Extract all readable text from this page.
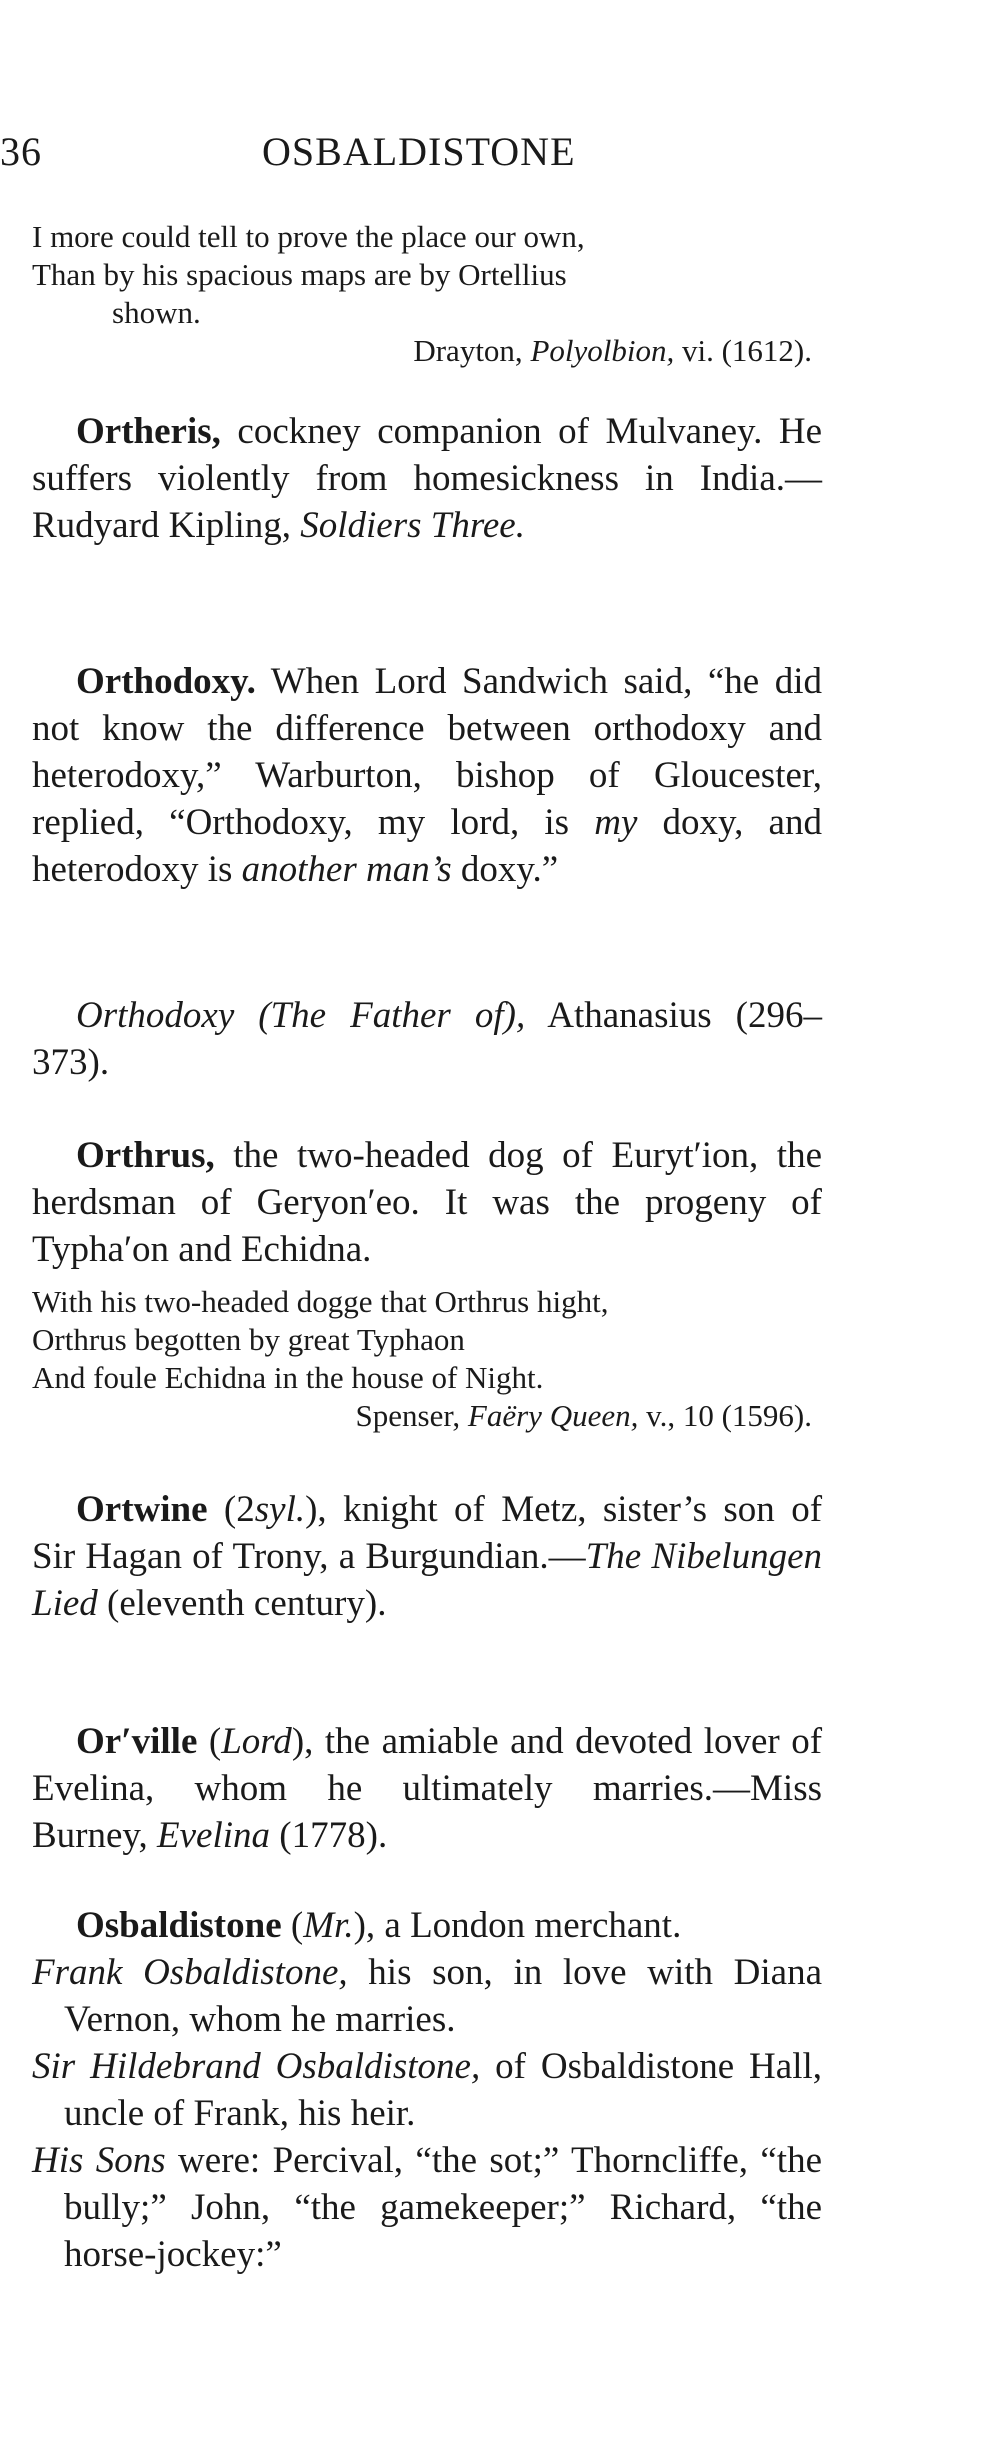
36	OSBALDISTONE
I more could tell to prove the place our own,
Than by his spacious maps are by Ortellius
shown.
Drayton, Polyolbion, vi. (1612).

Ortheris, cockney companion of Mulvaney. He suffers violently from homesickness in India.—Rudyard Kipling, Soldiers Three.

Orthodoxy. When Lord Sandwich said, “he did not know the difference between orthodoxy and heterodoxy,” Warburton, bishop of Gloucester, replied, “Orthodoxy, my lord, is my doxy, and heterodoxy is another man’s doxy.”

Orthodoxy (The Father of), Athanasius (296–373).

Orthrus, the two-headed dog of Euryt′ion, the herdsman of Geryon′eo. It was the progeny of Typha′on and Echidna.

With his two-headed dogge that Orthrus hight,
Orthrus begotten by great Typhaon
And foule Echidna in the house of Night.
Spenser, Faëry Queen, v., 10 (1596).

Ortwine (2syl.), knight of Metz, sister’s son of Sir Hagan of Trony, a Burgundian.—The Nibelungen Lied (eleventh century).

Or′ville (Lord), the amiable and devoted lover of Evelina, whom he ultimately marries.—Miss Burney, Evelina (1778).

Osbaldistone (Mr.), a London merchant.

Frank Osbaldistone, his son, in love with Diana Vernon, whom he marries.

Sir Hildebrand Osbaldistone, of Osbaldistone Hall, uncle of Frank, his heir.

His Sons were: Percival, “the sot;” Thorncliffe, “the bully;” John, “the gamekeeper;” Richard, “the horse-jockey:”
